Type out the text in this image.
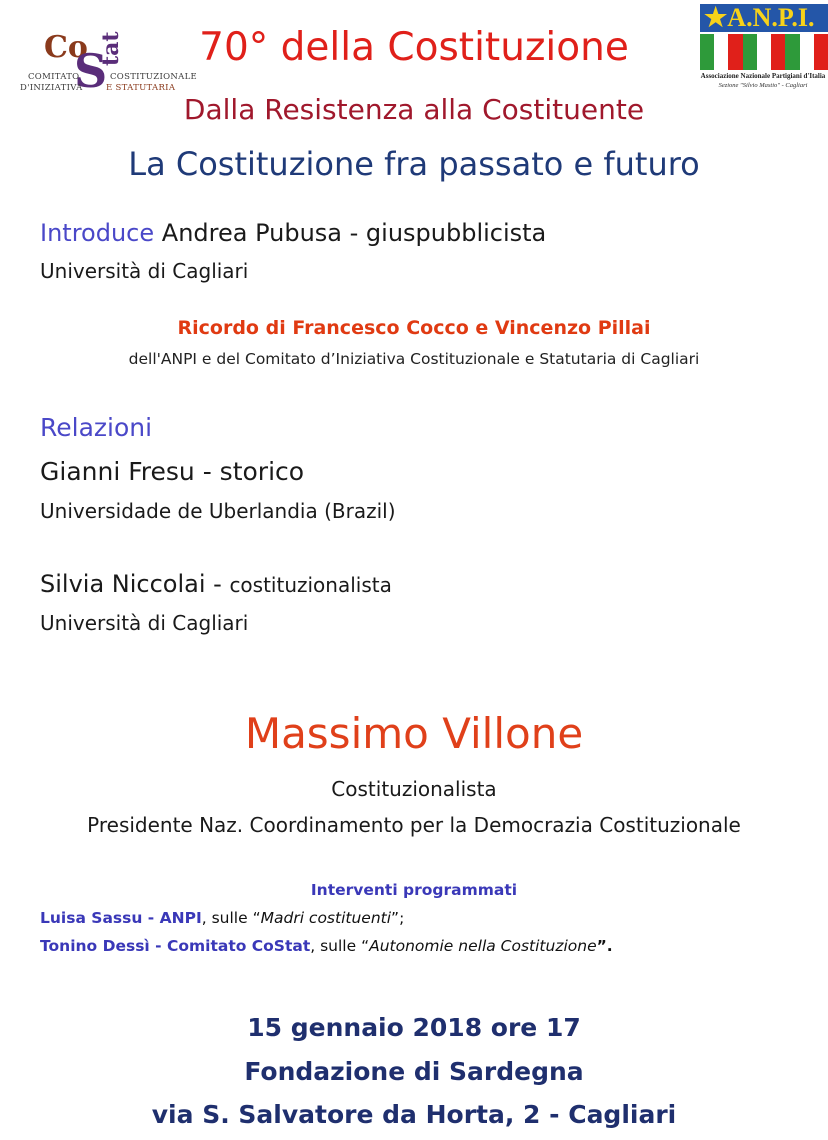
Co
S
tat
COMITATO
D'INIZIATIVA
COSTITUZIONALE
E STATUTARIA
★A.N.P.I.
Associazione Nazionale Partigiani d'Italia
Sezione "Silvio Mastio" - Cagliari
70° della Costituzione
Dalla Resistenza alla Costituente
La Costituzione fra passato e futuro
Introduce Andrea Pubusa - giuspubblicista
Università di Cagliari
Ricordo di Francesco Cocco e Vincenzo Pillai
dell'ANPI e del Comitato d’Iniziativa Costituzionale e Statutaria di Cagliari
Relazioni
Gianni Fresu - storico
Universidade de Uberlandia (Brazil)
Silvia Niccolai - costituzionalista
Università di Cagliari
Massimo Villone
Costituzionalista
Presidente Naz. Coordinamento per la Democrazia Costituzionale
Interventi programmati
Luisa Sassu - ANPI, sulle “Madri costituenti”;
Tonino Dessì - Comitato CoStat, sulle “Autonomie nella Costituzione”.
15 gennaio 2018 ore 17
Fondazione di Sardegna
via S. Salvatore da Horta, 2 - Cagliari
